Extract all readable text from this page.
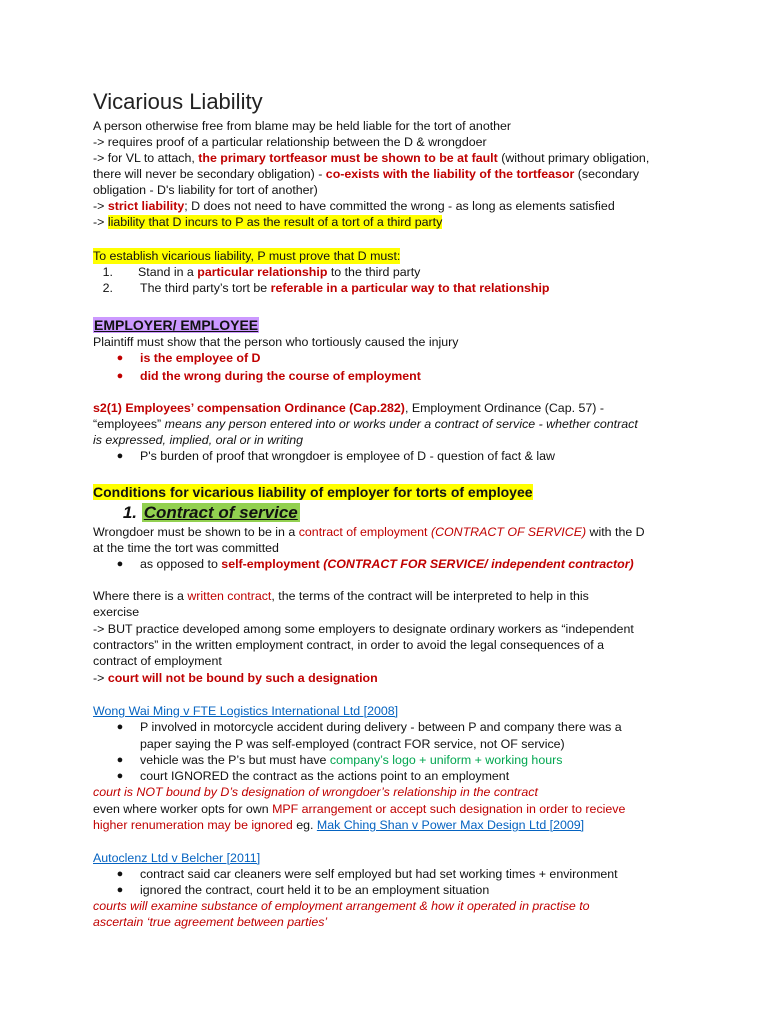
Vicarious Liability
A person otherwise free from blame may be held liable for the tort of another
-> requires proof of a particular relationship between the D & wrongdoer
-> for VL to attach, the primary tortfeasor must be shown to be at fault (without primary obligation,
there will never be secondary obligation) - co-exists with the liability of the tortfeasor (secondary
obligation - D's liability for tort of another)
-> strict liability; D does not need to have committed the wrong - as long as elements satisfied
-> liability that D incurs to P as the result of a tort of a third party
To establish vicarious liability, P must prove that D must:
1. Stand in a particular relationship to the third party
2. The third party’s tort be referable in a particular way to that relationship
EMPLOYER/ EMPLOYEE
Plaintiff must show that the person who tortiously caused the injury
● is the employee of D
● did the wrong during the course of employment
s2(1) Employees’ compensation Ordinance (Cap.282), Employment Ordinance (Cap. 57) -
“employees” means any person entered into or works under a contract of service - whether contract
is expressed, implied, oral or in writing
● P's burden of proof that wrongdoer is employee of D - question of fact & law
Conditions for vicarious liability of employer for torts of employee
1. Contract of service
Wrongdoer must be shown to be in a contract of employment (CONTRACT OF SERVICE) with the D
at the time the tort was committed
● as opposed to self-employment (CONTRACT FOR SERVICE/ independent contractor)
Where there is a written contract, the terms of the contract will be interpreted to help in this
exercise
-> BUT practice developed among some employers to designate ordinary workers as “independent
contractors” in the written employment contract, in order to avoid the legal consequences of a
contract of employment
-> court will not be bound by such a designation
Wong Wai Ming v FTE Logistics International Ltd [2008]
● P involved in motorcycle accident during delivery - between P and company there was a
paper saying the P was self-employed (contract FOR service, not OF service)
● vehicle was the P’s but must have company’s logo + uniform + working hours
● court IGNORED the contract as the actions point to an employment
court is NOT bound by D’s designation of wrongdoer’s relationship in the contract
even where worker opts for own MPF arrangement or accept such designation in order to recieve
higher renumeration may be ignored eg. Mak Ching Shan v Power Max Design Ltd [2009]
Autoclenz Ltd v Belcher [2011]
● contract said car cleaners were self employed but had set working times + environment
● ignored the contract, court held it to be an employment situation
courts will examine substance of employment arrangement & how it operated in practise to
ascertain ‘true agreement between parties’
